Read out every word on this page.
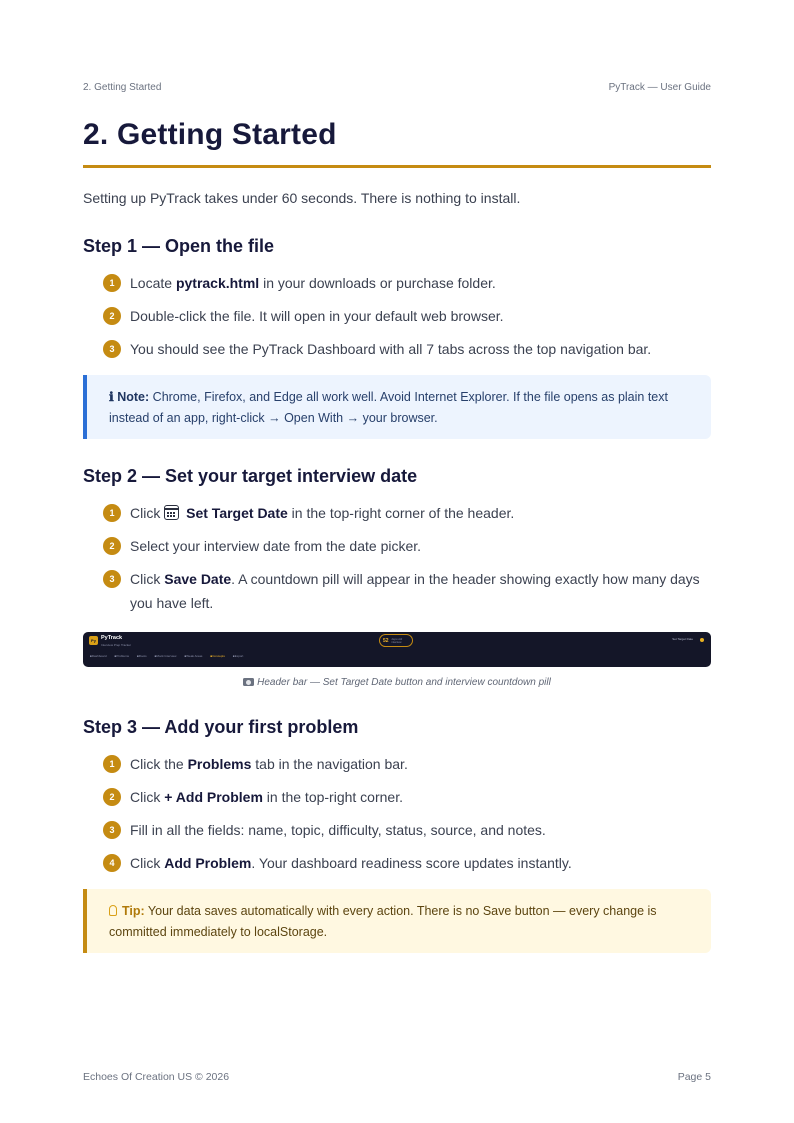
2. Getting Started	PyTrack — User Guide
2. Getting Started

Setting up PyTrack takes under 60 seconds. There is nothing to install.

Step 1 — Open the file
1	Locate pytrack.html in your downloads or purchase folder.
2	Double-click the file. It will open in your default web browser.
3	You should see the PyTrack Dashboard with all 7 tabs across the top navigation bar.
ℹ Note: Chrome, Firefox, and Edge all work well. Avoid Internet Explorer. If the file opens as plain text instead of an app, right-click → Open With → your browser.
Step 2 — Set your target interview date
1	Click  Set Target Date in the top-right corner of the header.
2	Select your interview date from the date picker.
3	Click Save Date. A countdown pill will appear in the header showing exactly how many days you have left.
Py PyTrack
Interview Prep Tracker
52 days until interview
Set Target Date
■ Dashboard	■ Problems	■ Roots	■ Mock Interview	■ Weak Areas	■ Concepts	■ Export

Header bar — Set Target Date button and interview countdown pill

Step 3 — Add your first problem
1	Click the Problems tab in the navigation bar.
2	Click + Add Problem in the top-right corner.
3	Fill in all the fields: name, topic, difficulty, status, source, and notes.
4	Click Add Problem. Your dashboard readiness score updates instantly.
Tip: Your data saves automatically with every action. There is no Save button — every change is committed immediately to localStorage.
Echoes Of Creation US © 2026	Page 5
